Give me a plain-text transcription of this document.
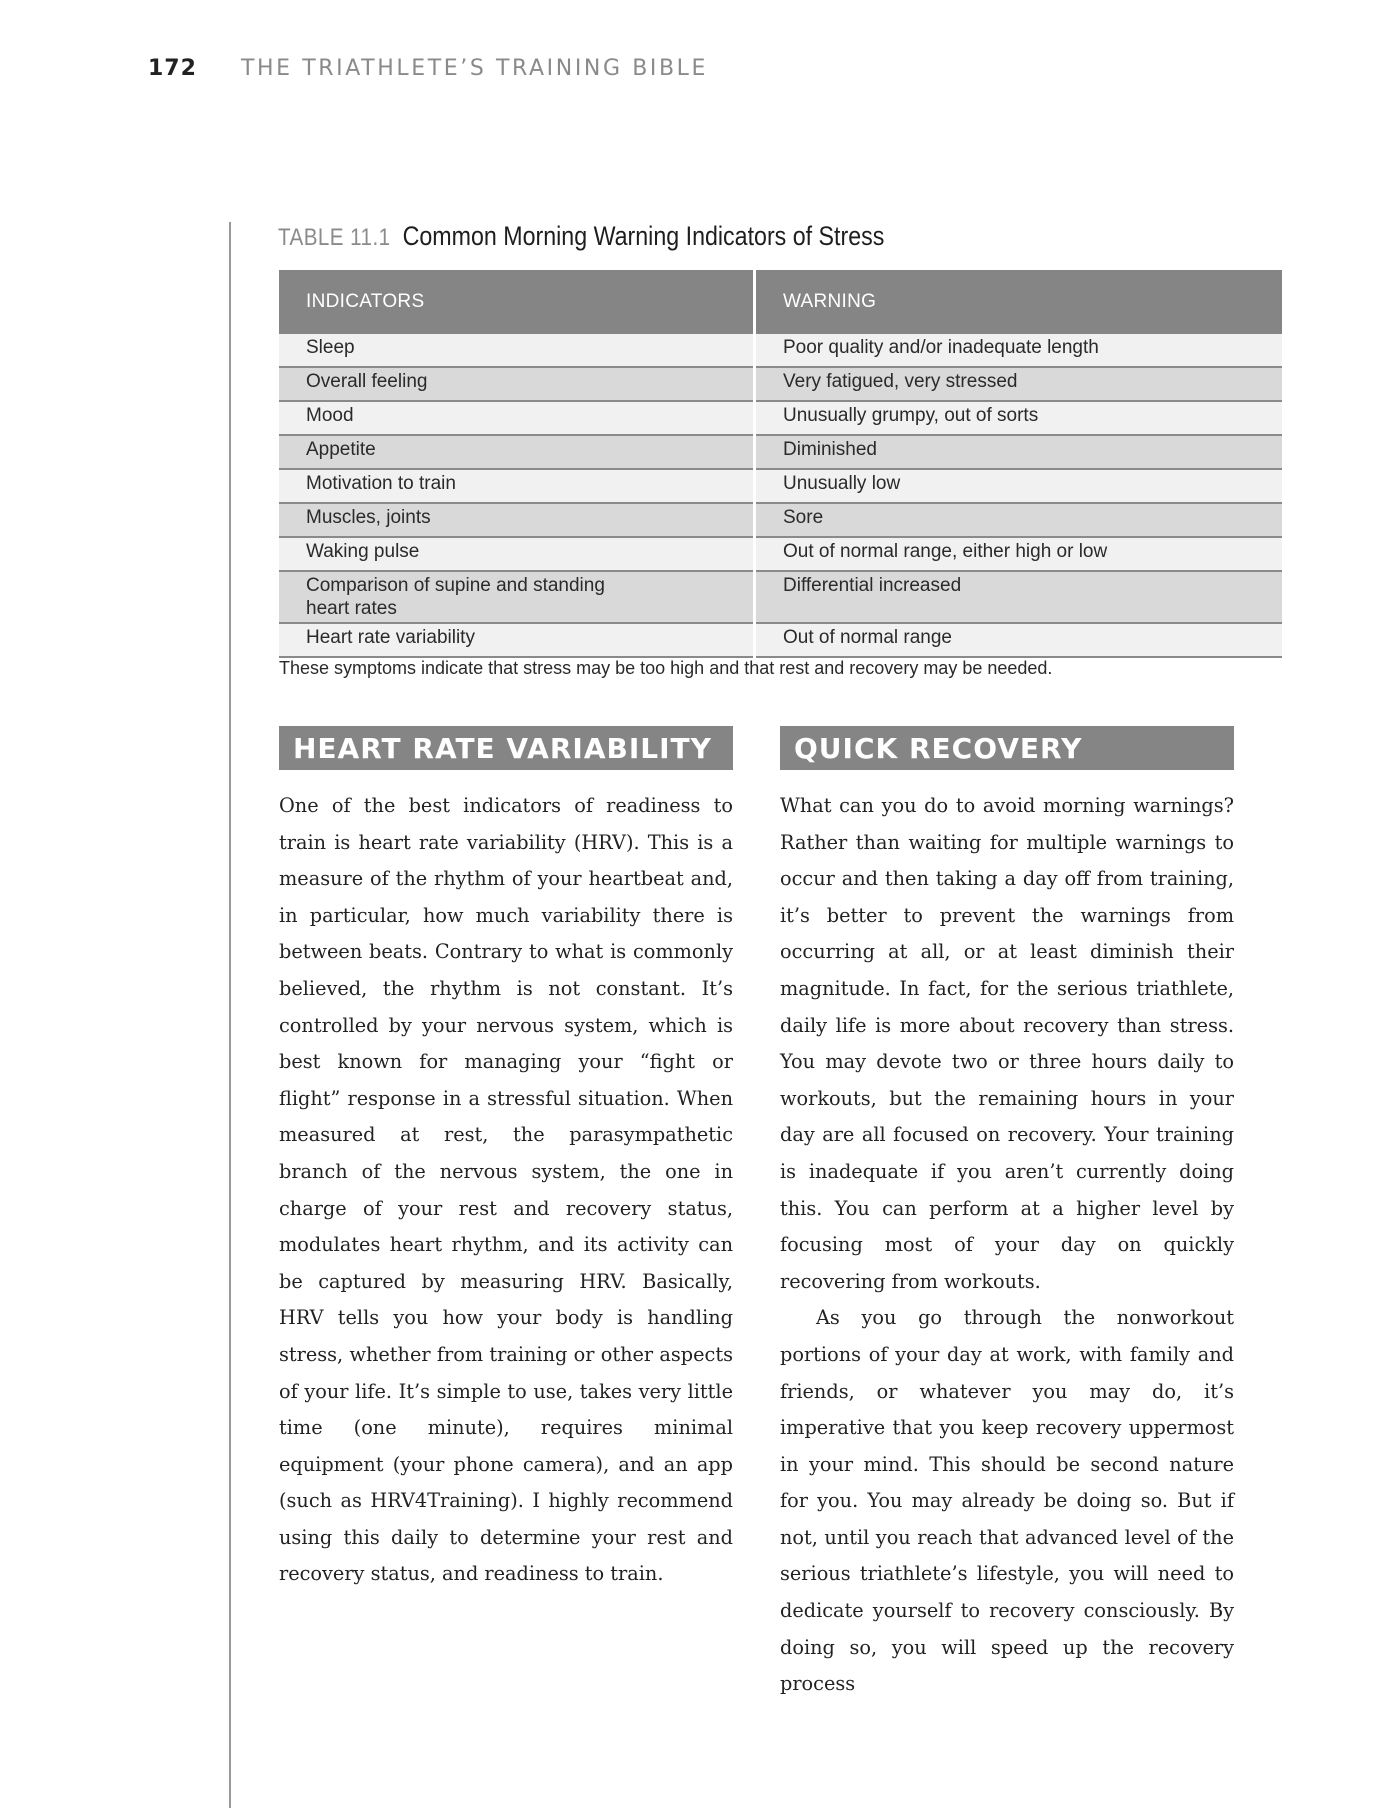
172 THE TRIATHLETE’S TRAINING BIBLE
TABLE 11.1 Common Morning Warning Indicators of Stress
INDICATORS	WARNING
Sleep	Poor quality and/or inadequate length
Overall feeling	Very fatigued, very stressed
Mood	Unusually grumpy, out of sorts
Appetite	Diminished
Motivation to train	Unusually low
Muscles, joints	Sore
Waking pulse	Out of normal range, either high or low
Comparison of supine and standing heart rates	Differential increased
Heart rate variability	Out of normal range
These symptoms indicate that stress may be too high and that rest and recovery may be needed.
HEART RATE VARIABILITY	QUICK RECOVERY

One of the best indicators of readiness to train is heart rate variability (HRV). This is a measure of the rhythm of your heartbeat and, in particular, how much variability there is between beats. Contrary to what is commonly believed, the rhythm is not constant. It’s controlled by your nervous system, which is best known for managing your “fight or flight” response in a stressful situation. When measured at rest, the parasympathetic branch of the nervous system, the one in charge of your rest and recovery status, modulates heart rhythm, and its activity can be captured by measuring HRV. Basically, HRV tells you how your body is handling stress, whether from training or other aspects of your life. It’s simple to use, takes very little time (one minute), requires minimal equipment (your phone camera), and an app (such as HRV4Training). I highly recommend using this daily to determine your rest and recovery status, and readiness to train.

What can you do to avoid morning warnings? Rather than waiting for multiple warnings to occur and then taking a day off from training, it’s better to prevent the warnings from occurring at all, or at least diminish their magnitude. In fact, for the serious triathlete, daily life is more about recovery than stress. You may devote two or three hours daily to workouts, but the remaining hours in your day are all focused on recovery. Your training is inadequate if you aren’t currently doing this. You can perform at a higher level by focusing most of your day on quickly recovering from workouts.

As you go through the nonworkout portions of your day at work, with family and friends, or whatever you may do, it’s imperative that you keep recovery uppermost in your mind. This should be second nature for you. You may already be doing so. But if not, until you reach that advanced level of the serious triathlete’s lifestyle, you will need to dedicate yourself to recovery consciously. By doing so, you will speed up the recovery process
